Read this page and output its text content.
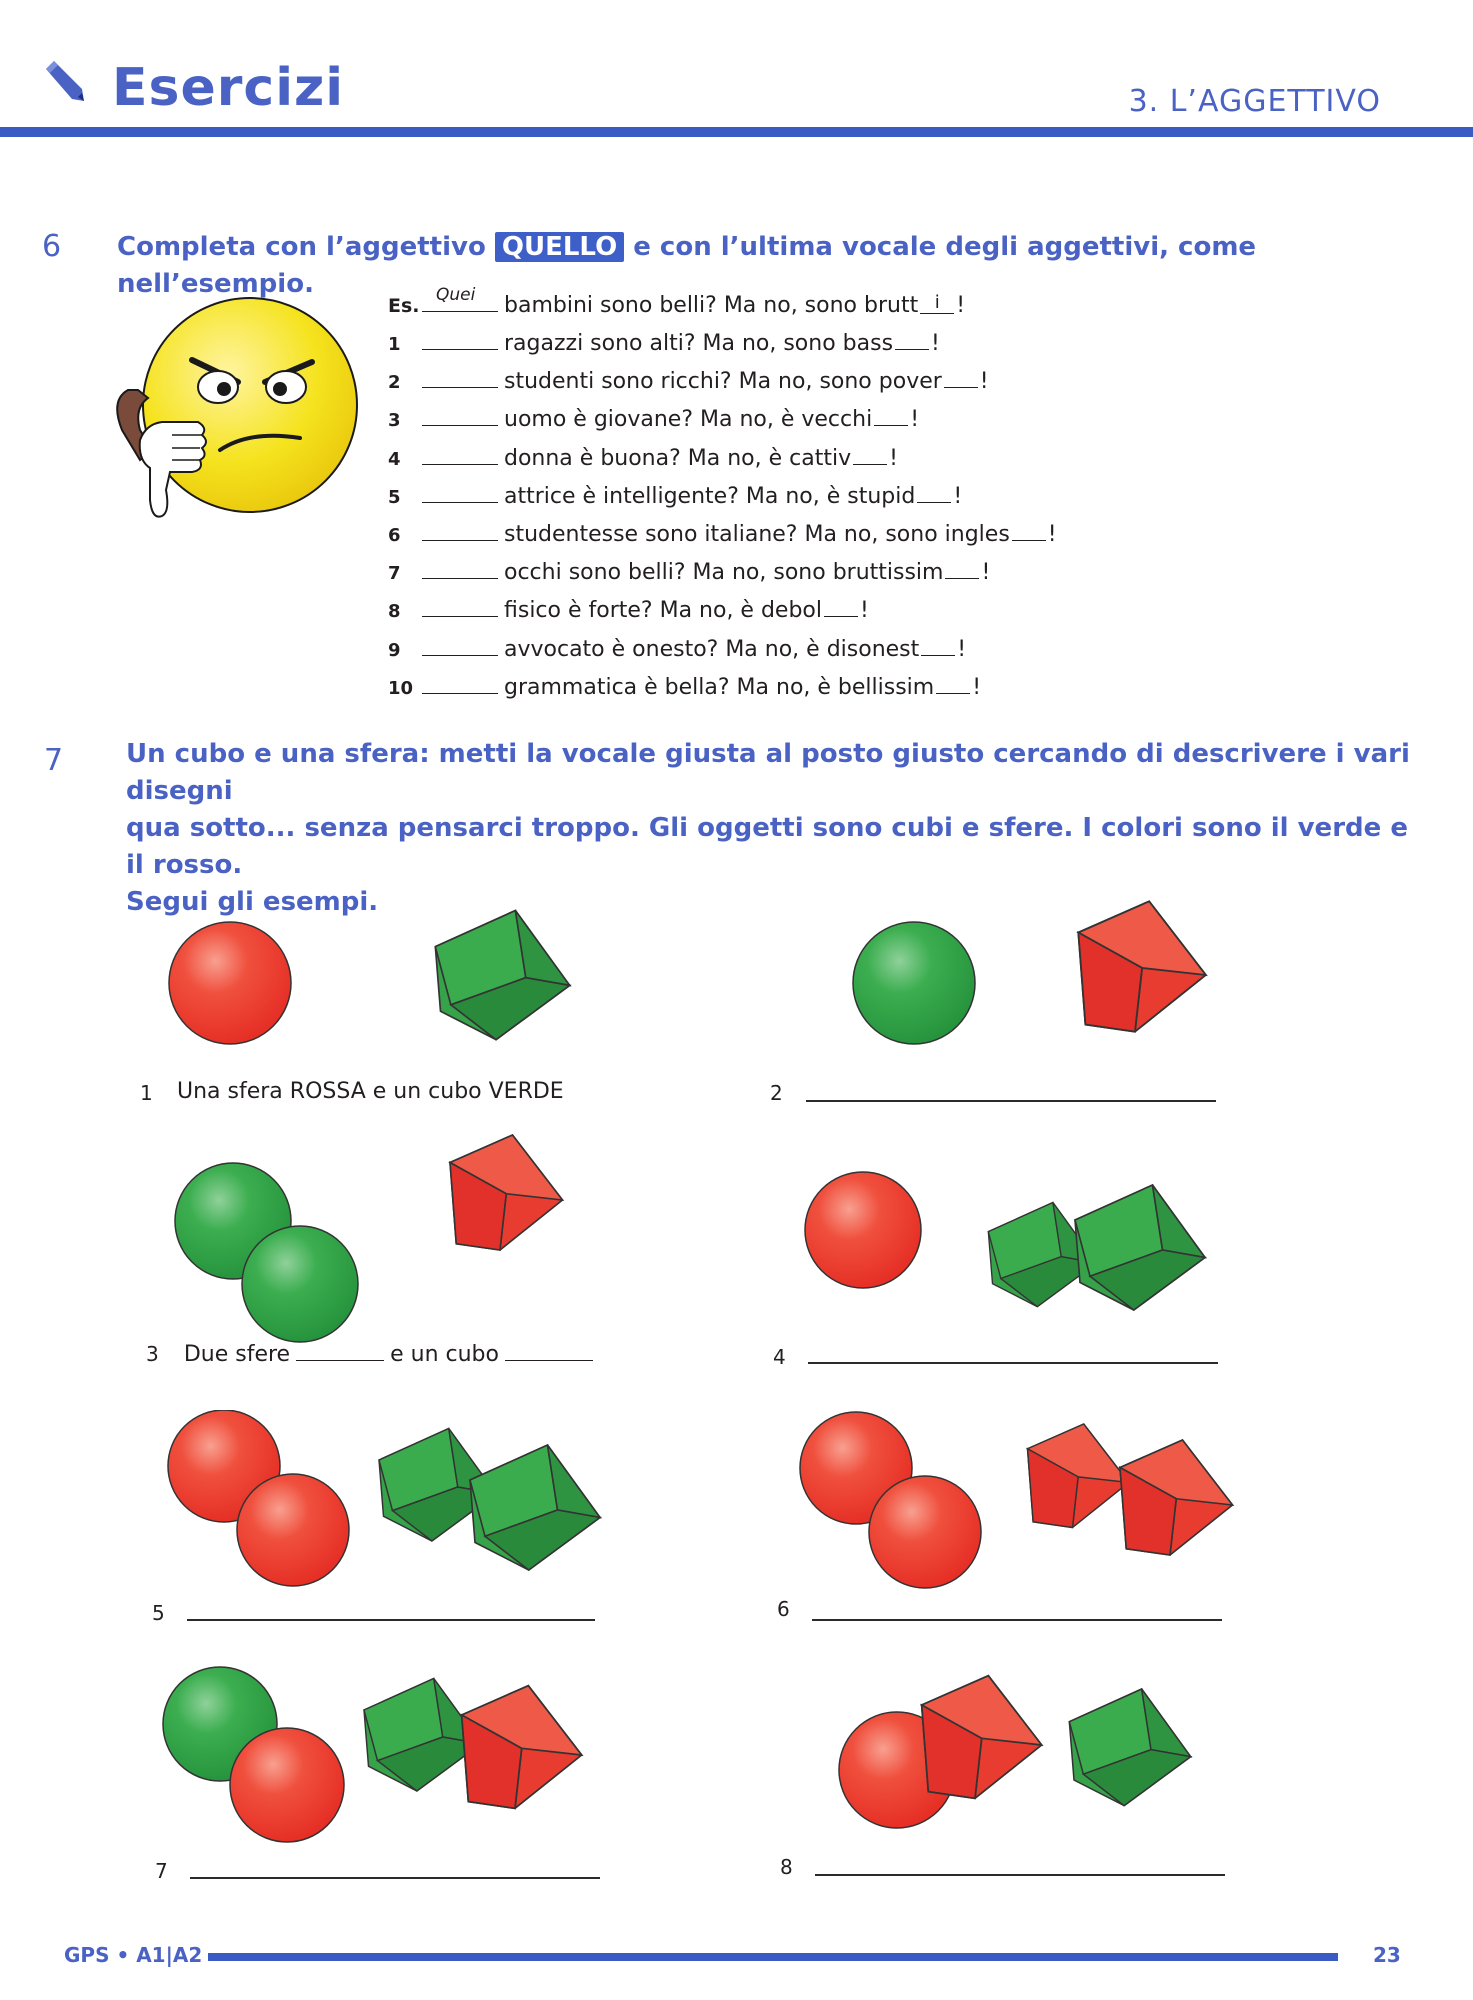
Esercizi	3. L’AGGETTIVO
6 Completa con l’aggettivo QUELLO e con l’ultima vocale degli aggettivi, come nell’esempio.
Es. Quei bambini sono belli? Ma no, sono brutt i !
1	ragazzi sono alti? Ma no, sono bass !
2	studenti sono ricchi? Ma no, sono pover !
3	uomo è giovane? Ma no, è vecchi !
4	donna è buona? Ma no, è cattiv !
5	attrice è intelligente? Ma no, è stupid !
6	studentesse sono italiane? Ma no, sono ingles !
7	occhi sono belli? Ma no, sono bruttissim !
8	fisico è forte? Ma no, è debol !
9	avvocato è onesto? Ma no, è disonest !
10	grammatica è bella? Ma no, è bellissim !
7 Un cubo e una sfera: metti la vocale giusta al posto giusto cercando di descrivere i vari disegni
qua sotto... senza pensarci troppo. Gli oggetti sono cubi e sfere. I colori sono il verde e il rosso.
Segui gli esempi.
1 Una sfera ROSSA e un cubo VERDE	2
3 Due sfere	e un cubo	4
5	6
7	8
GPS • A1|A2	23
